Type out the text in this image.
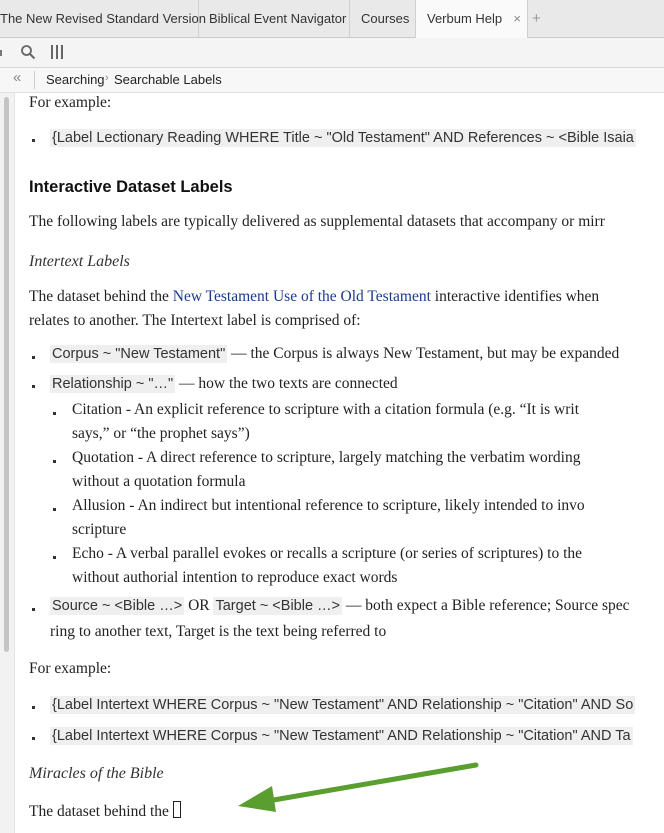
The New Revised Standard Version Biblical Event Navigator	Courses	Verbum Help × +
« Searching › Searchable Labels
For example:
{Label Lectionary Reading WHERE Title ~ "Old Testament" AND References ~ <Bible Isaia
Interactive Dataset Labels
The following labels are typically delivered as supplemental datasets that accompany or mirr
Intertext Labels
The dataset behind the New Testament Use of the Old Testament interactive identifies when
relates to another. The Intertext label is comprised of:
Corpus ~ "New Testament" — the Corpus is always New Testament, but may be expanded
Relationship ~ "…" — how the two texts are connected
Citation - An explicit reference to scripture with a citation formula (e.g. “It is writ
says,” or “the prophet says”)
Quotation - A direct reference to scripture, largely matching the verbatim wording
without a quotation formula
Allusion - An indirect but intentional reference to scripture, likely intended to invo
scripture
Echo - A verbal parallel evokes or recalls a scripture (or series of scriptures) to the
without authorial intention to reproduce exact words
Source ~ <Bible …> OR Target ~ <Bible …> — both expect a Bible reference; Source spec
ring to another text, Target is the text being referred to
For example:
{Label Intertext WHERE Corpus ~ "New Testament" AND Relationship ~ "Citation" AND So
{Label Intertext WHERE Corpus ~ "New Testament" AND Relationship ~ "Citation" AND Ta
Miracles of the Bible
The dataset behind the
